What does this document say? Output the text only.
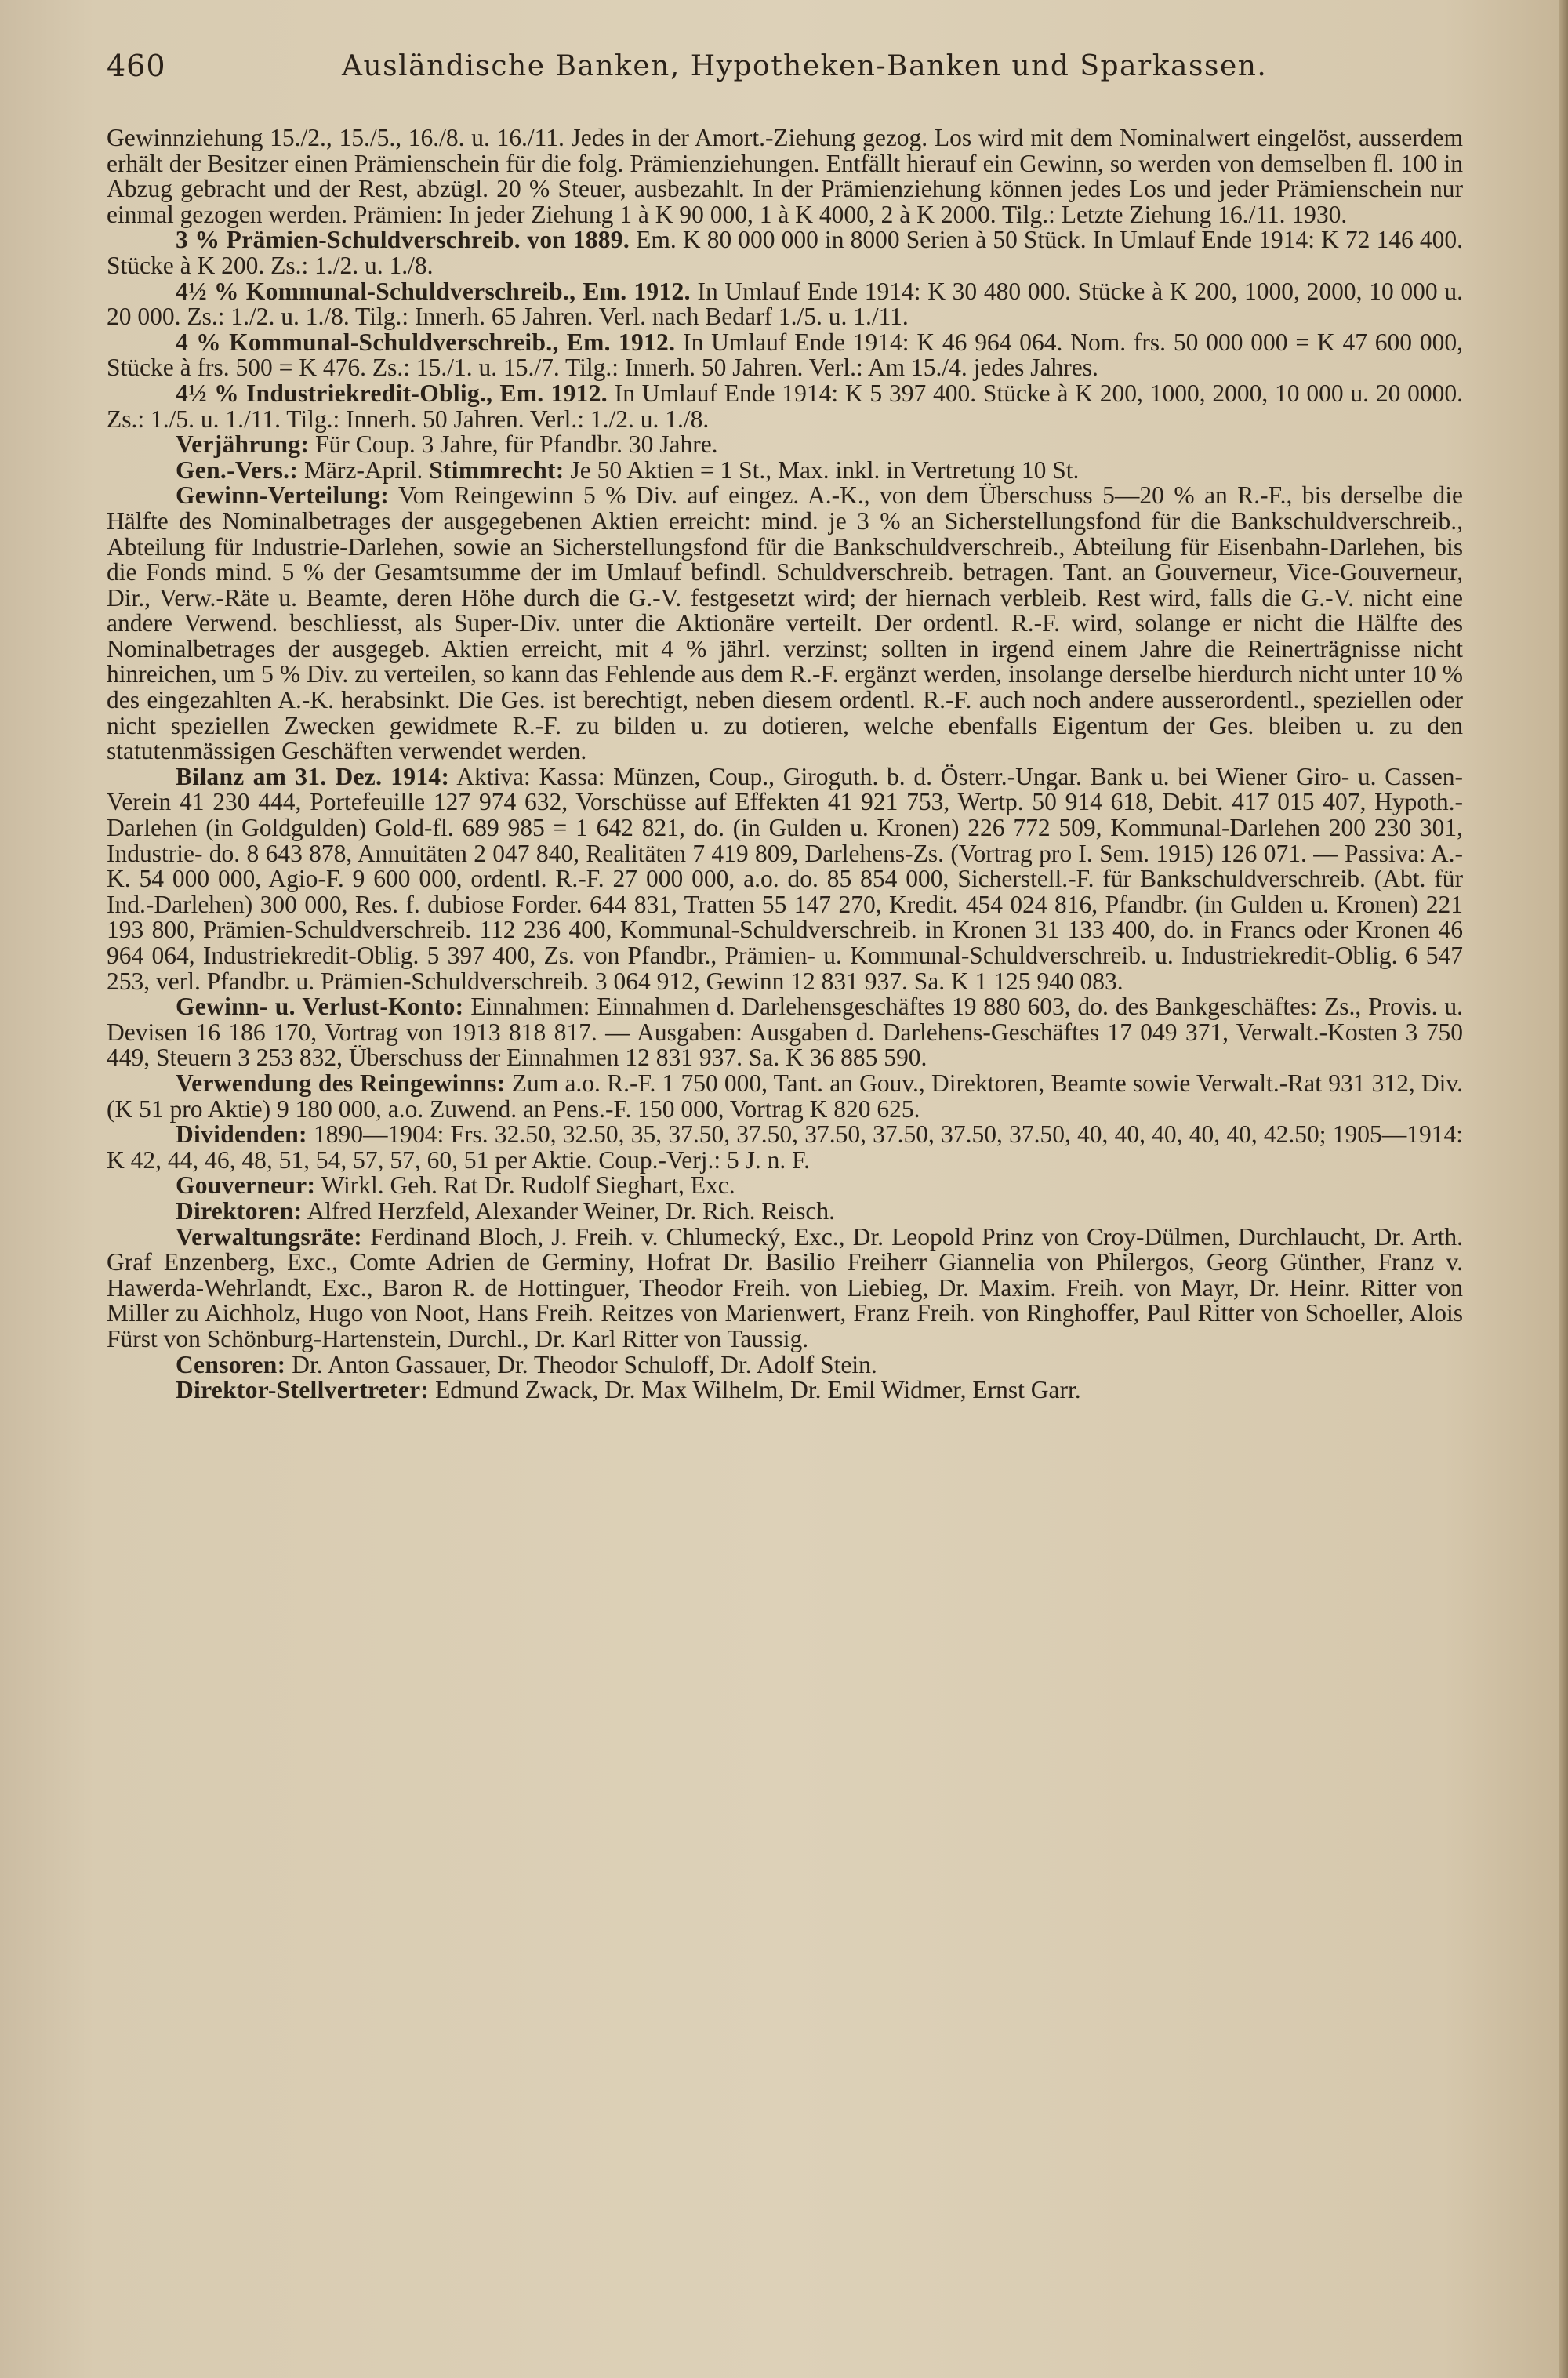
460	Ausländische Banken, Hypotheken-Banken und Sparkassen.

Gewinnziehung 15./2., 15./5., 16./8. u. 16./11. Jedes in der Amort.-Ziehung gezog. Los wird mit dem Nominalwert eingelöst, ausserdem erhält der Besitzer einen Prämienschein für die folg. Prämienziehungen. Entfällt hierauf ein Gewinn, so werden von demselben fl. 100 in Abzug gebracht und der Rest, abzügl. 20 % Steuer, ausbezahlt. In der Prämienziehung können jedes Los und jeder Prämienschein nur einmal gezogen werden. Prämien: In jeder Ziehung 1 à K 90 000, 1 à K 4000, 2 à K 2000. Tilg.: Letzte Ziehung 16./11. 1930.

3 % Prämien-Schuldverschreib. von 1889. Em. K 80 000 000 in 8000 Serien à 50 Stück. In Umlauf Ende 1914: K 72 146 400. Stücke à K 200. Zs.: 1./2. u. 1./8.

4½ % Kommunal-Schuldverschreib., Em. 1912. In Umlauf Ende 1914: K 30 480 000. Stücke à K 200, 1000, 2000, 10 000 u. 20 000. Zs.: 1./2. u. 1./8. Tilg.: Innerh. 65 Jahren. Verl. nach Bedarf 1./5. u. 1./11.

4 % Kommunal-Schuldverschreib., Em. 1912. In Umlauf Ende 1914: K 46 964 064. Nom. frs. 50 000 000 = K 47 600 000, Stücke à frs. 500 = K 476. Zs.: 15./1. u. 15./7. Tilg.: Innerh. 50 Jahren. Verl.: Am 15./4. jedes Jahres.

4½ % Industriekredit-Oblig., Em. 1912. In Umlauf Ende 1914: K 5 397 400. Stücke à K 200, 1000, 2000, 10 000 u. 20 0000. Zs.: 1./5. u. 1./11. Tilg.: Innerh. 50 Jahren. Verl.: 1./2. u. 1./8.

Verjährung: Für Coup. 3 Jahre, für Pfandbr. 30 Jahre.

Gen.-Vers.: März-April. Stimmrecht: Je 50 Aktien = 1 St., Max. inkl. in Vertretung 10 St.

Gewinn-Verteilung: Vom Reingewinn 5 % Div. auf eingez. A.-K., von dem Überschuss 5—20 % an R.-F., bis derselbe die Hälfte des Nominalbetrages der ausgegebenen Aktien erreicht: mind. je 3 % an Sicherstellungsfond für die Bankschuldverschreib., Abteilung für Industrie-Darlehen, sowie an Sicherstellungsfond für die Bankschuldverschreib., Abteilung für Eisenbahn-Darlehen, bis die Fonds mind. 5 % der Gesamtsumme der im Umlauf befindl. Schuldverschreib. betragen. Tant. an Gouverneur, Vice-Gouverneur, Dir., Verw.-Räte u. Beamte, deren Höhe durch die G.-V. festgesetzt wird; der hiernach verbleib. Rest wird, falls die G.-V. nicht eine andere Verwend. beschliesst, als Super-Div. unter die Aktionäre verteilt. Der ordentl. R.-F. wird, solange er nicht die Hälfte des Nominalbetrages der ausgegeb. Aktien erreicht, mit 4 % jährl. verzinst; sollten in irgend einem Jahre die Reinerträgnisse nicht hinreichen, um 5 % Div. zu verteilen, so kann das Fehlende aus dem R.-F. ergänzt werden, insolange derselbe hierdurch nicht unter 10 % des eingezahlten A.-K. herabsinkt. Die Ges. ist berechtigt, neben diesem ordentl. R.-F. auch noch andere ausserordentl., speziellen oder nicht speziellen Zwecken gewidmete R.-F. zu bilden u. zu dotieren, welche ebenfalls Eigentum der Ges. bleiben u. zu den statutenmässigen Geschäften verwendet werden.

Bilanz am 31. Dez. 1914: Aktiva: Kassa: Münzen, Coup., Giroguth. b. d. Österr.-Ungar. Bank u. bei Wiener Giro- u. Cassen-Verein 41 230 444, Portefeuille 127 974 632, Vorschüsse auf Effekten 41 921 753, Wertp. 50 914 618, Debit. 417 015 407, Hypoth.-Darlehen (in Goldgulden) Gold-fl. 689 985 = 1 642 821, do. (in Gulden u. Kronen) 226 772 509, Kommunal-Darlehen 200 230 301, Industrie- do. 8 643 878, Annuitäten 2 047 840, Realitäten 7 419 809, Darlehens-Zs. (Vortrag pro I. Sem. 1915) 126 071. — Passiva: A.-K. 54 000 000, Agio-F. 9 600 000, ordentl. R.-F. 27 000 000, a.o. do. 85 854 000, Sicherstell.-F. für Bankschuldverschreib. (Abt. für Ind.-Darlehen) 300 000, Res. f. dubiose Forder. 644 831, Tratten 55 147 270, Kredit. 454 024 816, Pfandbr. (in Gulden u. Kronen) 221 193 800, Prämien-Schuldverschreib. 112 236 400, Kommunal-Schuldverschreib. in Kronen 31 133 400, do. in Francs oder Kronen 46 964 064, Industriekredit-Oblig. 5 397 400, Zs. von Pfandbr., Prämien- u. Kommunal-Schuldverschreib. u. Industriekredit-Oblig. 6 547 253, verl. Pfandbr. u. Prämien-Schuldverschreib. 3 064 912, Gewinn 12 831 937. Sa. K 1 125 940 083.

Gewinn- u. Verlust-Konto: Einnahmen: Einnahmen d. Darlehensgeschäftes 19 880 603, do. des Bankgeschäftes: Zs., Provis. u. Devisen 16 186 170, Vortrag von 1913 818 817. — Ausgaben: Ausgaben d. Darlehens-Geschäftes 17 049 371, Verwalt.-Kosten 3 750 449, Steuern 3 253 832, Überschuss der Einnahmen 12 831 937. Sa. K 36 885 590.

Verwendung des Reingewinns: Zum a.o. R.-F. 1 750 000, Tant. an Gouv., Direktoren, Beamte sowie Verwalt.-Rat 931 312, Div. (K 51 pro Aktie) 9 180 000, a.o. Zuwend. an Pens.-F. 150 000, Vortrag K 820 625.

Dividenden: 1890—1904: Frs. 32.50, 32.50, 35, 37.50, 37.50, 37.50, 37.50, 37.50, 37.50, 40, 40, 40, 40, 40, 42.50; 1905—1914: K 42, 44, 46, 48, 51, 54, 57, 57, 60, 51 per Aktie. Coup.-Verj.: 5 J. n. F.

Gouverneur: Wirkl. Geh. Rat Dr. Rudolf Sieghart, Exc.

Direktoren: Alfred Herzfeld, Alexander Weiner, Dr. Rich. Reisch.

Verwaltungsräte: Ferdinand Bloch, J. Freih. v. Chlumecký, Exc., Dr. Leopold Prinz von Croy-Dülmen, Durchlaucht, Dr. Arth. Graf Enzenberg, Exc., Comte Adrien de Germiny, Hofrat Dr. Basilio Freiherr Giannelia von Philergos, Georg Günther, Franz v. Hawerda-Wehrlandt, Exc., Baron R. de Hottinguer, Theodor Freih. von Liebieg, Dr. Maxim. Freih. von Mayr, Dr. Heinr. Ritter von Miller zu Aichholz, Hugo von Noot, Hans Freih. Reitzes von Marienwert, Franz Freih. von Ringhoffer, Paul Ritter von Schoeller, Alois Fürst von Schönburg-Hartenstein, Durchl., Dr. Karl Ritter von Taussig.

Censoren: Dr. Anton Gassauer, Dr. Theodor Schuloff, Dr. Adolf Stein.

Direktor-Stellvertreter: Edmund Zwack, Dr. Max Wilhelm, Dr. Emil Widmer, Ernst Garr.
